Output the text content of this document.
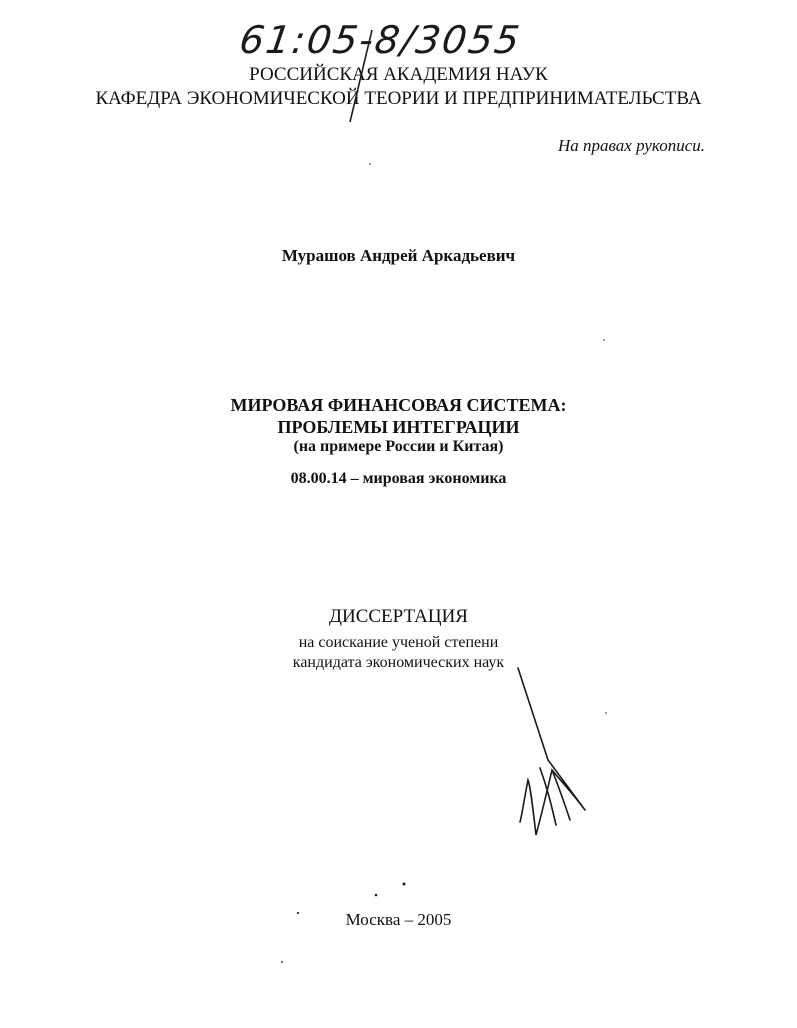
61:05-8/3055
РОССИЙСКАЯ АКАДЕМИЯ НАУК
КАФЕДРА ЭКОНОМИЧЕСКОЙ ТЕОРИИ И ПРЕДПРИНИМАТЕЛЬСТВА
На правах рукописи.
Мурашов Андрей Аркадьевич
МИРОВАЯ ФИНАНСОВАЯ СИСТЕМА:
ПРОБЛЕМЫ ИНТЕГРАЦИИ
(на примере России и Китая)
08.00.14 – мировая экономика
ДИССЕРТАЦИЯ
на соискание ученой степени
кандидата экономических наук
Москва – 2005
